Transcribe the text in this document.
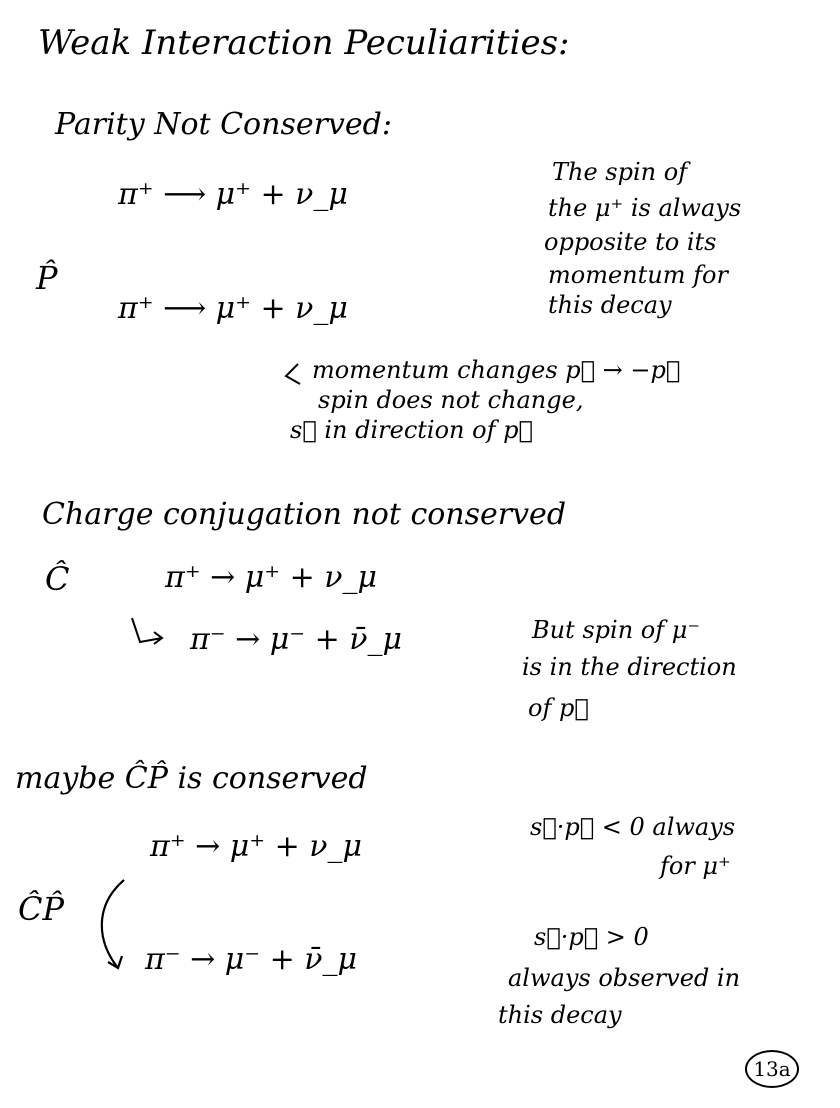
Weak Interaction Peculiarities:
Parity Not Conserved:
π⁺ ⟶ μ⁺ + ν_μ
P̂
π⁺ ⟶ μ⁺ + ν_μ
The spin of
the μ⁺ is always
opposite to its
momentum for
this decay
momentum changes p⃗ → −p⃗
spin does not change,
s⃗ in direction of p⃗
Charge conjugation not conserved
Ĉ	π⁺ → μ⁺ + ν_μ
π⁻ → μ⁻ + ν̄_μ	But spin of μ⁻
is in the direction
of p⃗
maybe ĈP̂ is conserved
π⁺ → μ⁺ + ν_μ
ĈP̂
π⁻ → μ⁻ + ν̄_μ
s⃗·p⃗ < 0 always
for μ⁺
s⃗·p⃗ > 0
always observed in
this decay
13a
